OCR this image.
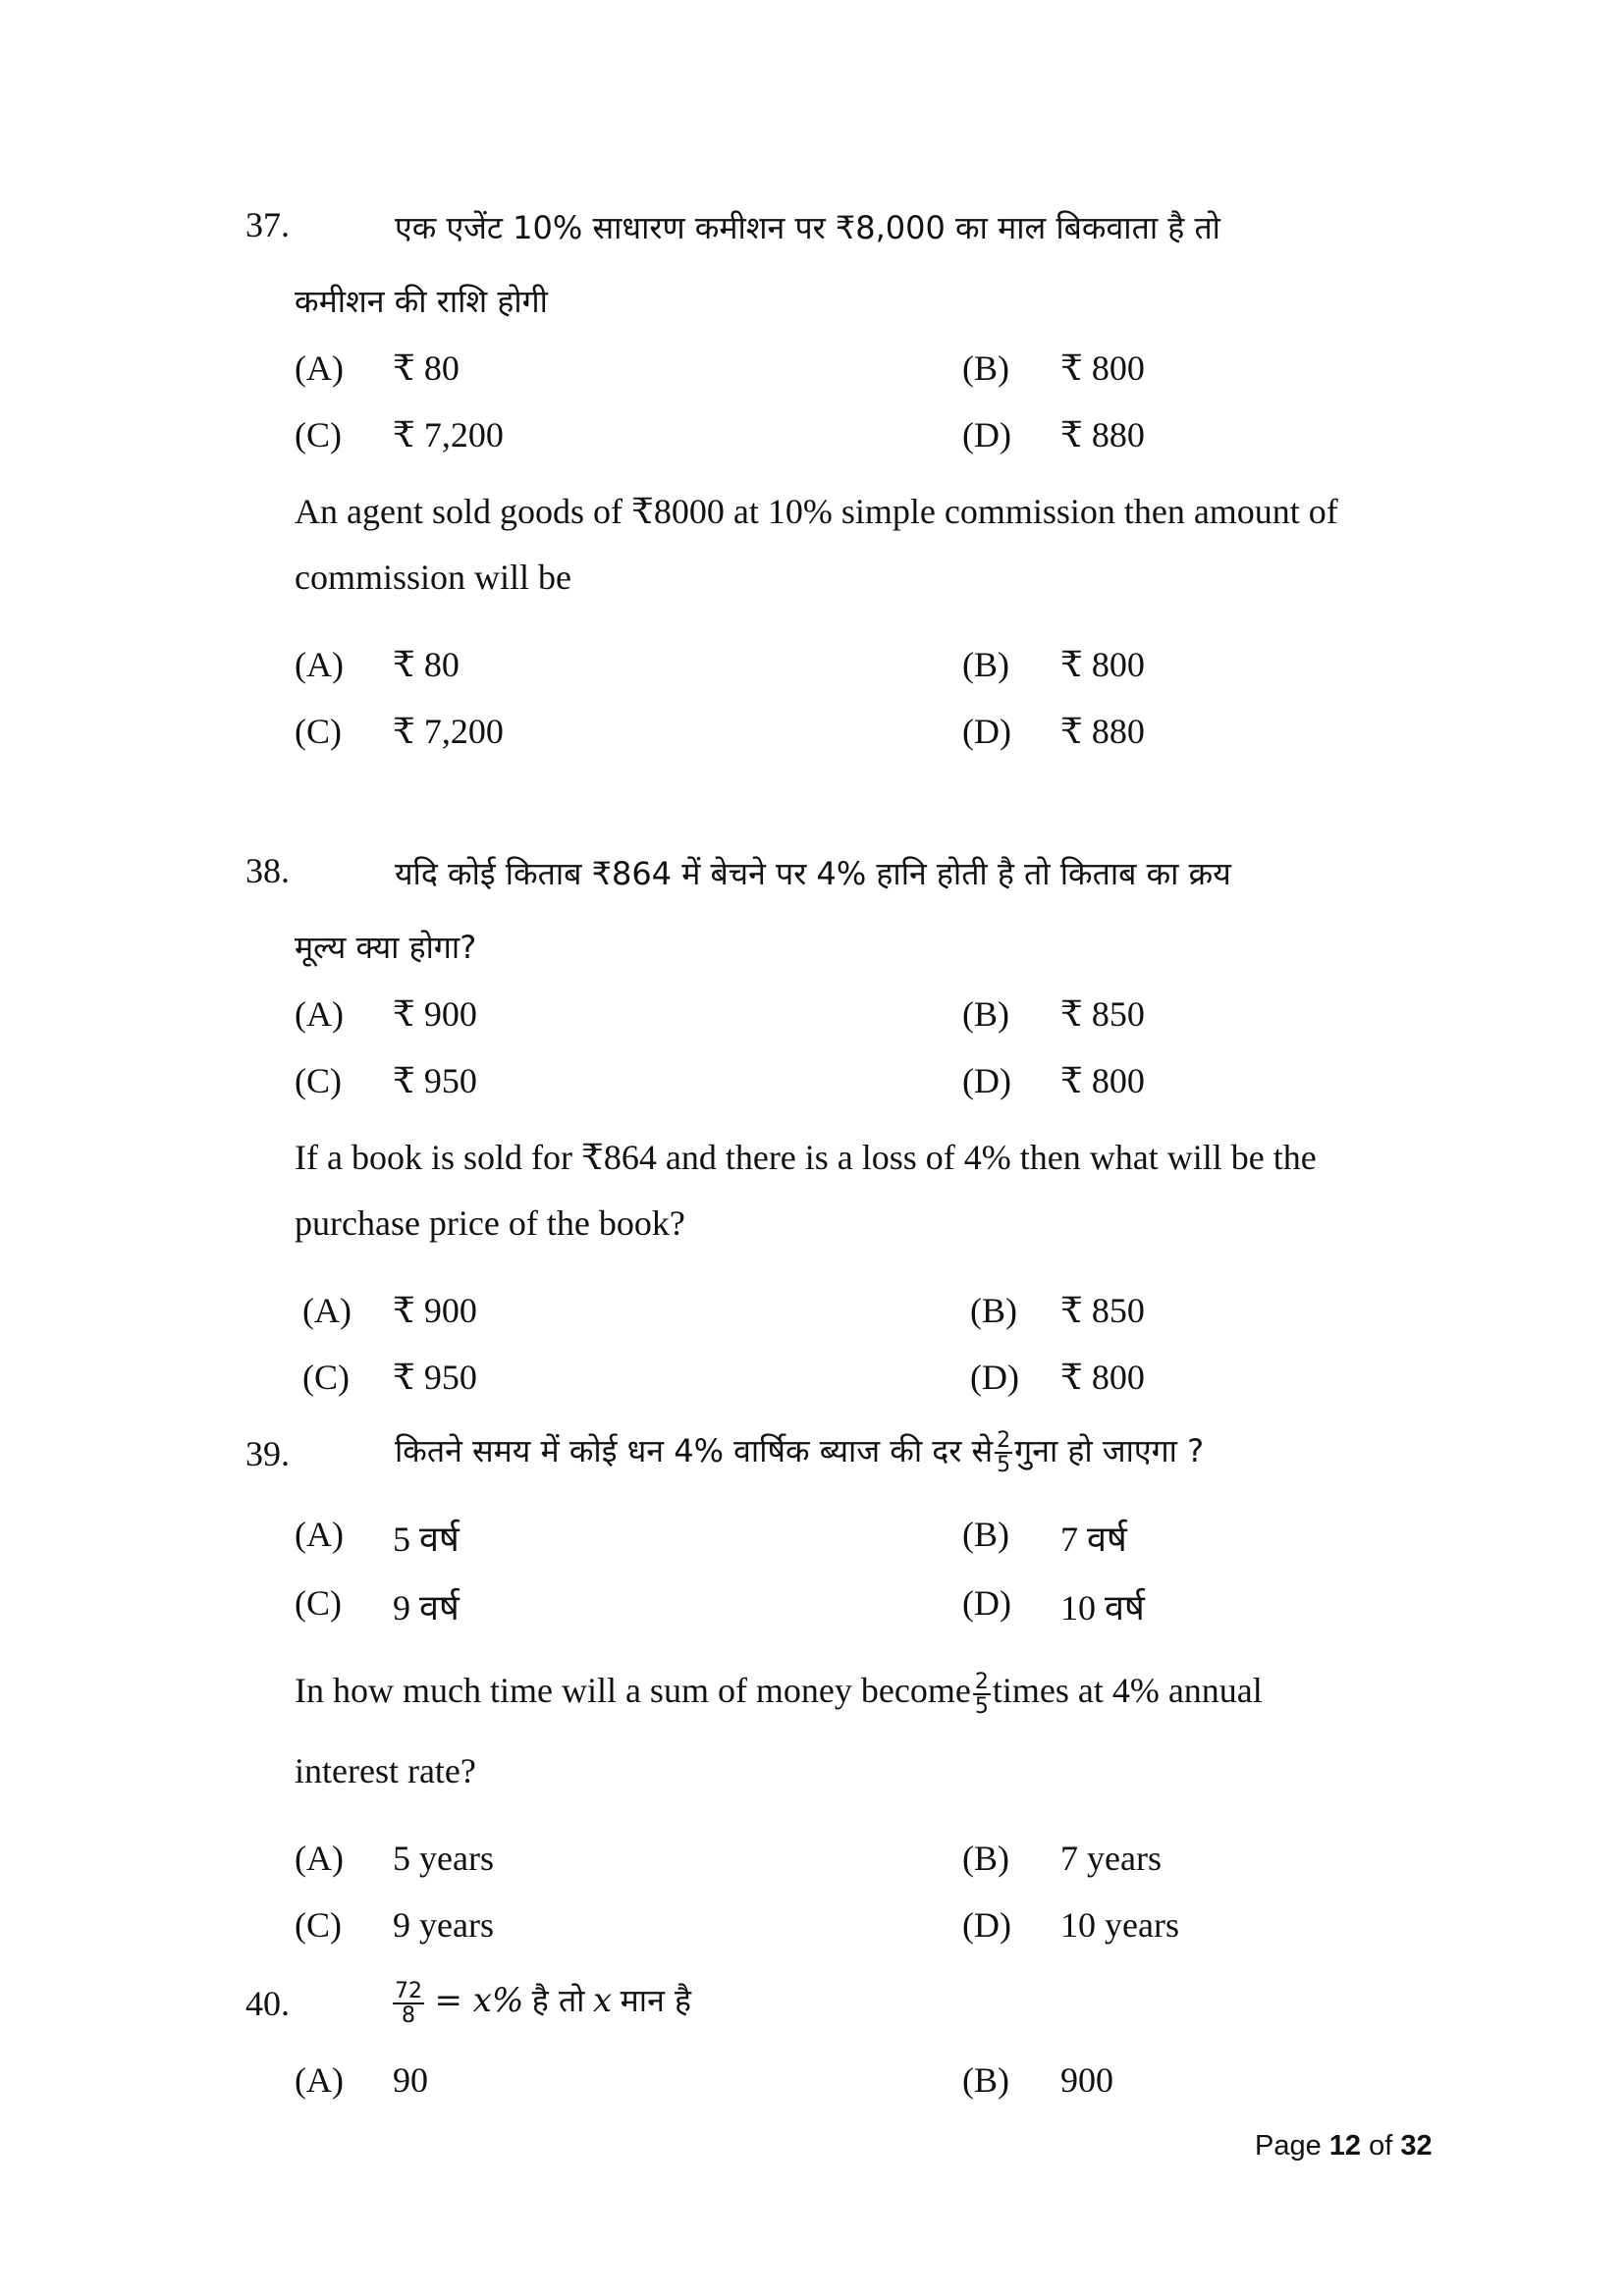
37.	एक एजेंट 10% साधारण कमीशन पर ₹8,000 का माल बिकवाता है तो
कमीशन की राशि होगी
(A) ₹ 80	(B) ₹ 800
(C) ₹ 7,200	(D) ₹ 880
An agent sold goods of ₹8000 at 10% simple commission then amount of
commission will be
(A) ₹ 80	(B) ₹ 800
(C) ₹ 7,200	(D) ₹ 880
38.	यदि कोई किताब ₹864 में बेचने पर 4% हानि होती है तो किताब का क्रय
मूल्य क्या होगा?
(A) ₹ 900	(B) ₹ 850
(C) ₹ 950	(D) ₹ 800
If a book is sold for ₹864 and there is a loss of 4% then what will be the
purchase price of the book?
(A) ₹ 900	(B) ₹ 850
(C) ₹ 950	(D) ₹ 800
39.	कितने समय में कोई धन 4% वार्षिक ब्याज की दर से $\frac{2}{5}$ गुना हो जाएगा ?
(A) 5 वर्ष	(B) 7 वर्ष
(C) 9 वर्ष	(D) 10 वर्ष
In how much time will a sum of money become $\frac{2}{5}$ times at 4% annual
interest rate?
(A) 5 years	(B) 7 years
(C) 9 years	(D) 10 years
40.	$\frac{72}{8} = x\%$ है तो x मान है
(A) 90	(B) 900
Page 12 of 32
